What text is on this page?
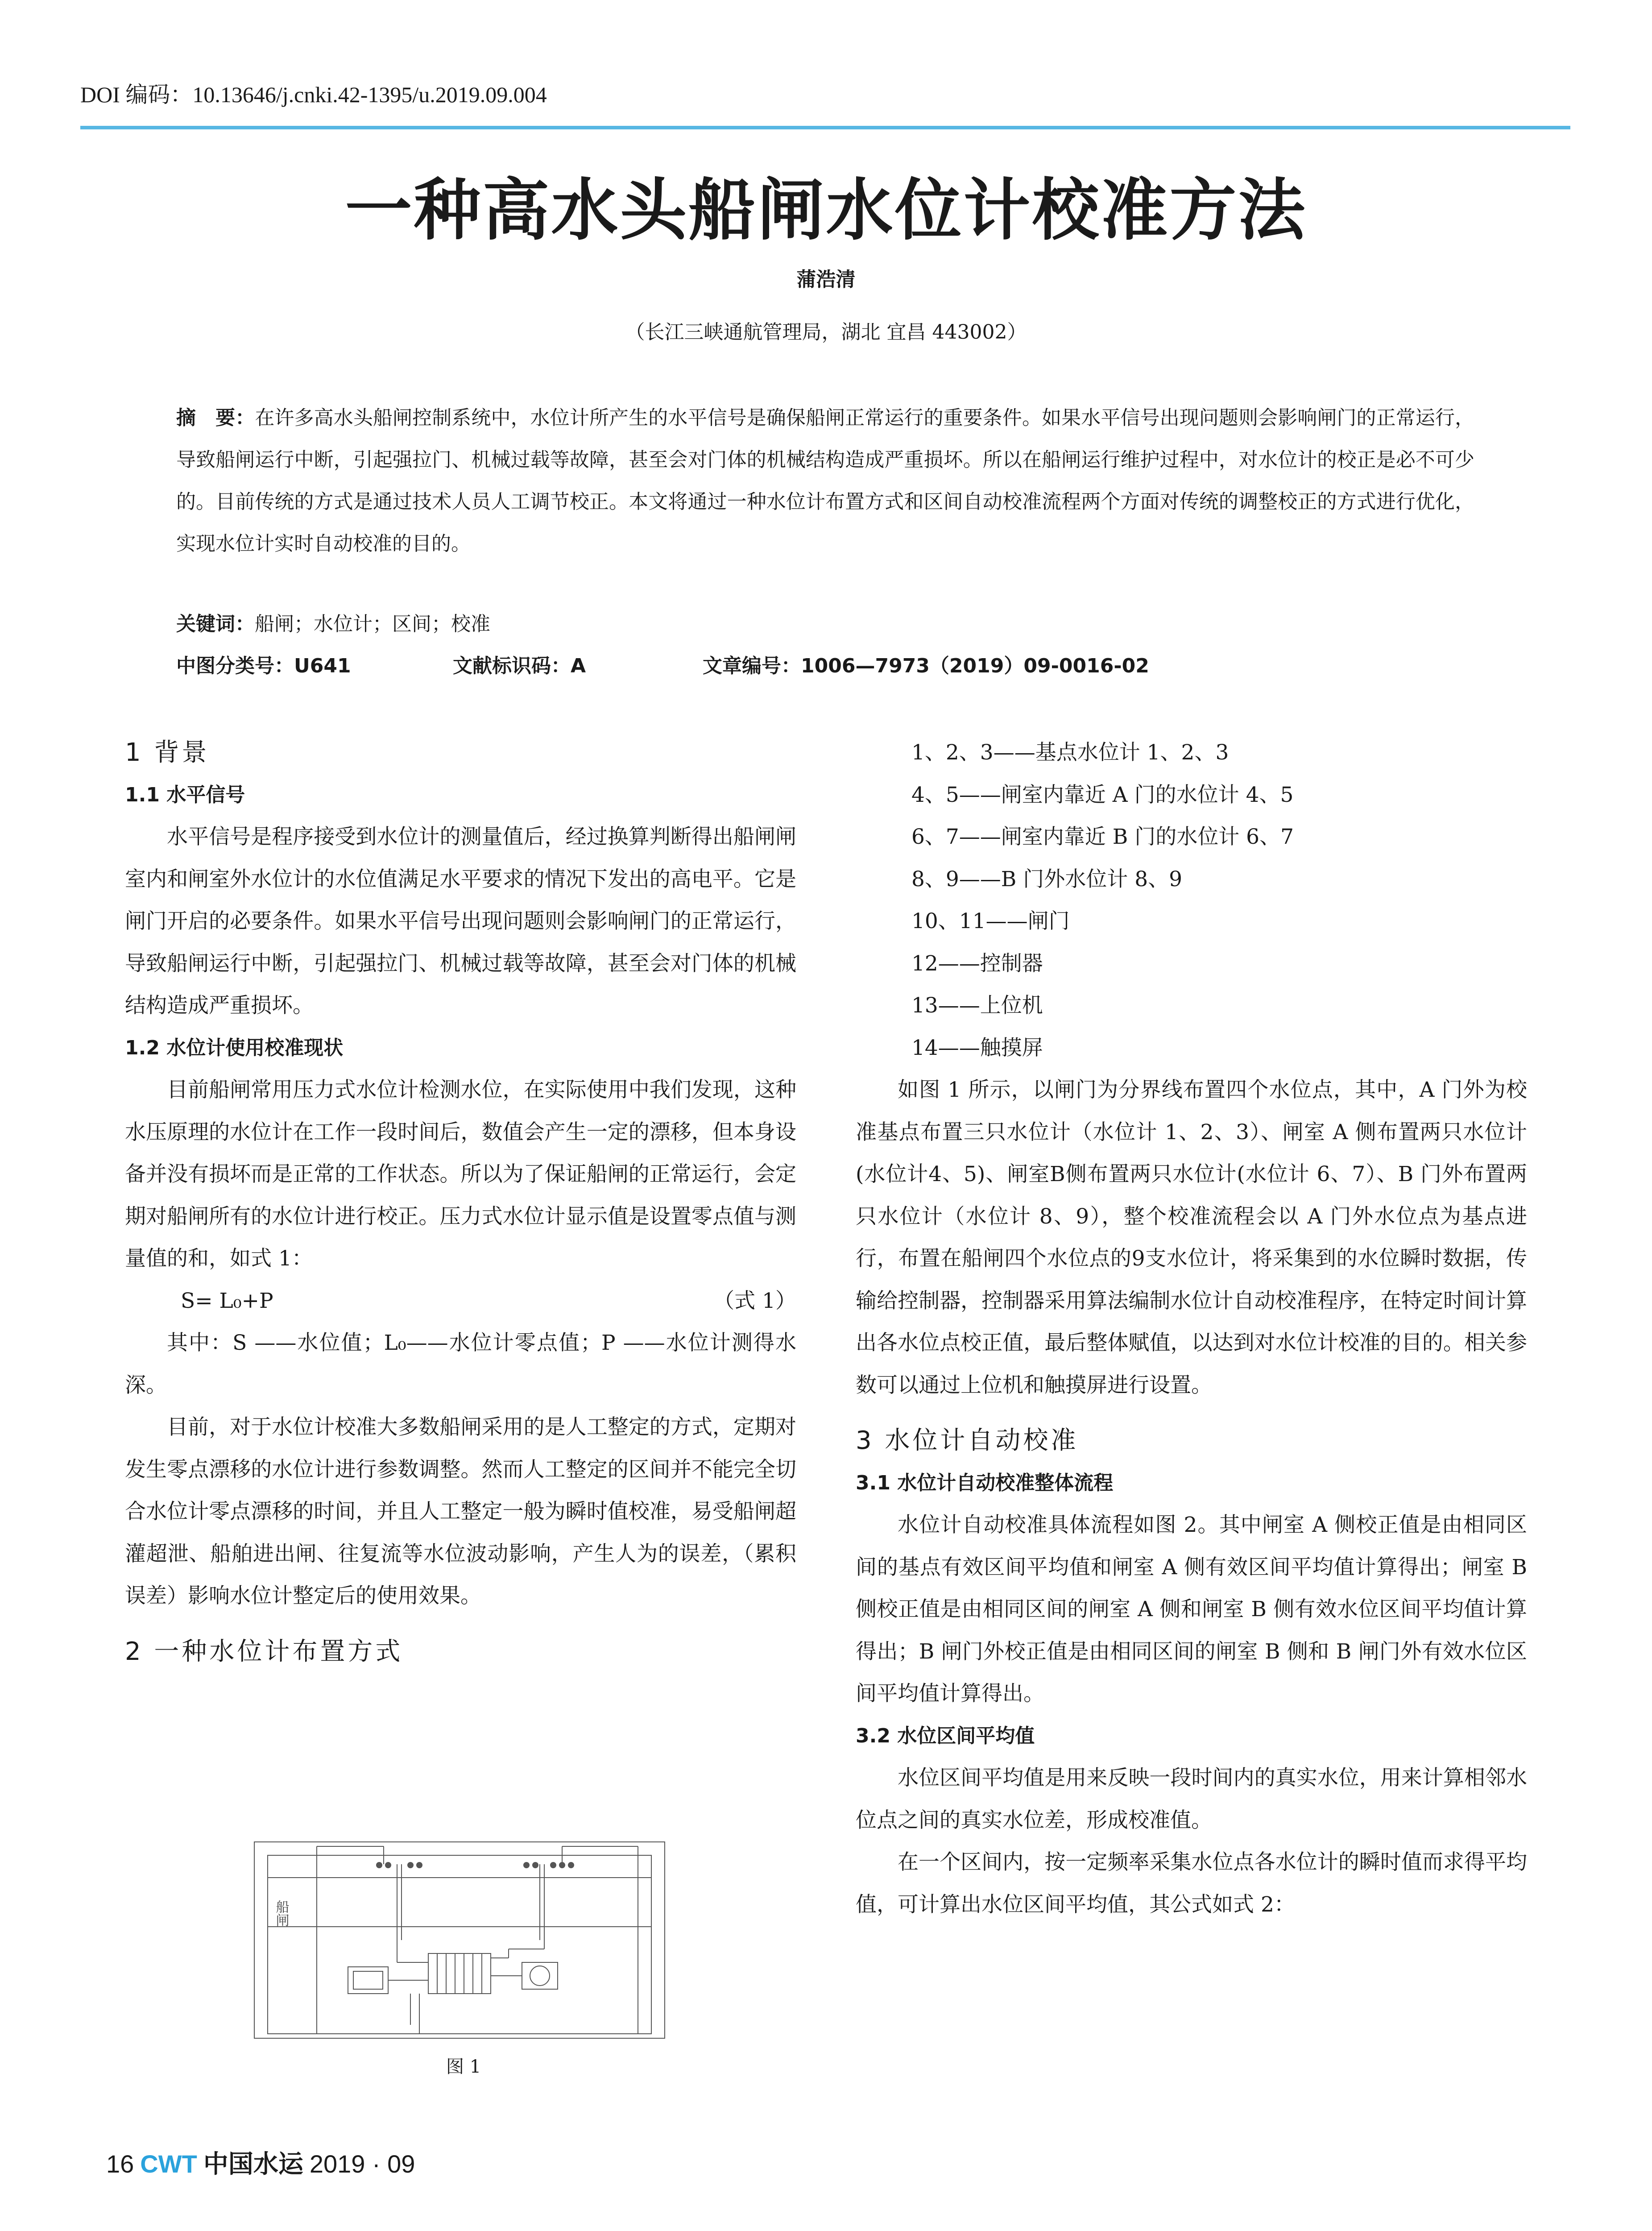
DOI 编码：10.13646/j.cnki.42-1395/u.2019.09.004
一种高水头船闸水位计校准方法
蒲浩清
（长江三峡通航管理局，湖北 宜昌 443002）
摘　要：在许多高水头船闸控制系统中，水位计所产生的水平信号是确保船闸正常运行的重要条件。如果水平信号出现问题则会影响闸门的正常运行，导致船闸运行中断，引起强拉门、机械过载等故障，甚至会对门体的机械结构造成严重损坏。所以在船闸运行维护过程中，对水位计的校正是必不可少的。目前传统的方式是通过技术人员人工调节校正。本文将通过一种水位计布置方式和区间自动校准流程两个方面对传统的调整校正的方式进行优化，实现水位计实时自动校准的目的。
关键词：船闸；水位计；区间；校准
中图分类号：U641	文献标识码：A	文章编号：1006—7973（2019）09-0016-02
1 背景
1.1 水平信号

水平信号是程序接受到水位计的测量值后，经过换算判断得出船闸闸室内和闸室外水位计的水位值满足水平要求的情况下发出的高电平。它是闸门开启的必要条件。如果水平信号出现问题则会影响闸门的正常运行，导致船闸运行中断，引起强拉门、机械过载等故障，甚至会对门体的机械结构造成严重损坏。

1.2 水位计使用校准现状

目前船闸常用压力式水位计检测水位，在实际使用中我们发现，这种水压原理的水位计在工作一段时间后，数值会产生一定的漂移，但本身设备并没有损坏而是正常的工作状态。所以为了保证船闸的正常运行，会定期对船闸所有的水位计进行校正。压力式水位计显示值是设置零点值与测量值的和，如式 1：

S= L₀+P	（式 1）

其中：S ——水位值；L₀——水位计零点值；P ——水位计测得水深。

目前，对于水位计校准大多数船闸采用的是人工整定的方式，定期对发生零点漂移的水位计进行参数调整。然而人工整定的区间并不能完全切合水位计零点漂移的时间，并且人工整定一般为瞬时值校准，易受船闸超灌超泄、船舶进出闸、往复流等水位波动影响，产生人为的误差，（累积误差）影响水位计整定后的使用效果。

2 一种水位计布置方式
船闸
图 1

1、2、3——基点水位计 1、2、3

4、5——闸室内靠近 A 门的水位计 4、5

6、7——闸室内靠近 B 门的水位计 6、7

8、9——B 门外水位计 8、9

10、11——闸门

12——控制器

13——上位机

14——触摸屏

如图 1 所示，以闸门为分界线布置四个水位点，其中，A 门外为校准基点布置三只水位计（水位计 1、2、3）、闸室 A 侧布置两只水位计(水位计4、5)、闸室B侧布置两只水位计(水位计 6、7）、B 门外布置两只水位计（水位计 8、9），整个校准流程会以 A 门外水位点为基点进行，布置在船闸四个水位点的9支水位计，将采集到的水位瞬时数据，传输给控制器，控制器采用算法编制水位计自动校准程序，在特定时间计算出各水位点校正值，最后整体赋值，以达到对水位计校准的目的。相关参数可以通过上位机和触摸屏进行设置。

3 水位计自动校准
3.1 水位计自动校准整体流程

水位计自动校准具体流程如图 2。其中闸室 A 侧校正值是由相同区间的基点有效区间平均值和闸室 A 侧有效区间平均值计算得出；闸室 B 侧校正值是由相同区间的闸室 A 侧和闸室 B 侧有效水位区间平均值计算得出；B 闸门外校正值是由相同区间的闸室 B 侧和 B 闸门外有效水位区间平均值计算得出。

3.2 水位区间平均值

水位区间平均值是用来反映一段时间内的真实水位，用来计算相邻水位点之间的真实水位差，形成校准值。

在一个区间内，按一定频率采集水位点各水位计的瞬时值而求得平均值，可计算出水位区间平均值，其公式如式 2：

16 CWT 中国水运 2019 · 09
